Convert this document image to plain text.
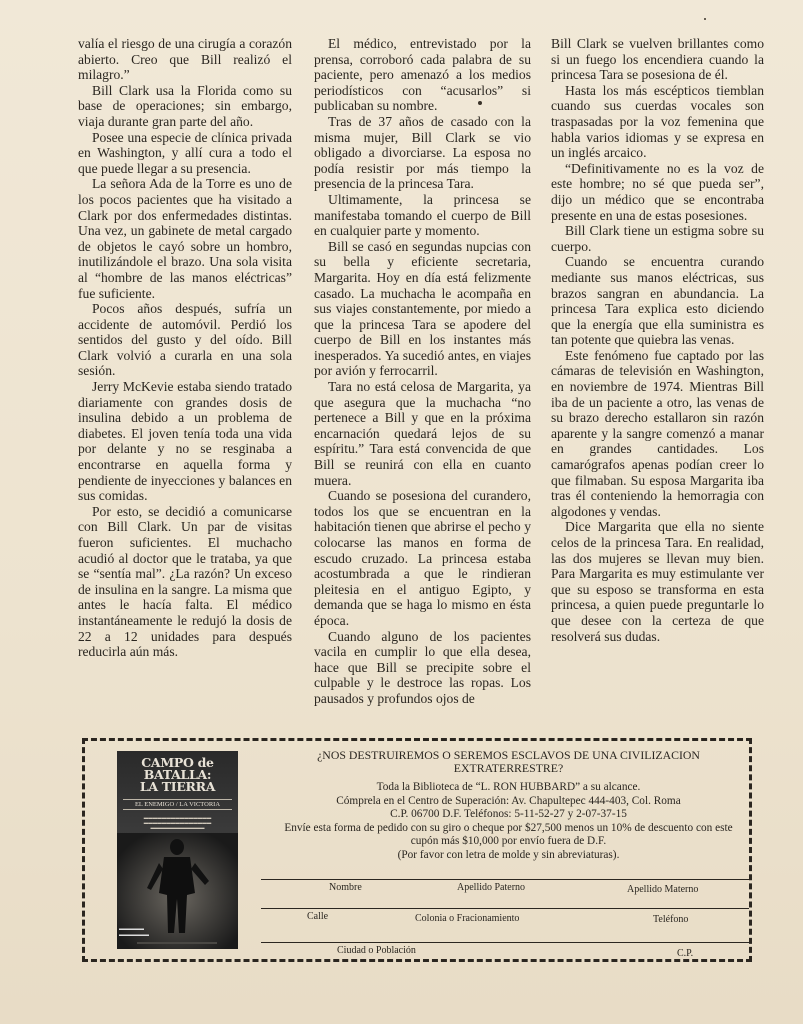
valía el riesgo de una cirugía a corazón abierto. Creo que Bill realizó el milagro.”

Bill Clark usa la Florida como su base de operaciones; sin embargo, viaja durante gran parte del año.

Posee una especie de clínica privada en Washington, y allí cura a todo el que puede llegar a su presencia.

La señora Ada de la Torre es uno de los pocos pacientes que ha visitado a Clark por dos enfermedades distintas. Una vez, un gabinete de metal cargado de objetos le cayó sobre un hombro, inutilizándole el brazo. Una sola visita al “hombre de las manos eléctricas” fue suficiente.

Pocos años después, sufría un accidente de automóvil. Perdió los sentidos del gusto y del oído. Bill Clark volvió a curarla en una sola sesión.

Jerry McKevie estaba siendo tratado diariamente con grandes dosis de insulina debido a un problema de diabetes. El joven tenía toda una vida por delante y no se resginaba a encontrarse en aquella forma y pendiente de inyecciones y balances en sus comidas.

Por esto, se decidió a comunicarse con Bill Clark. Un par de visitas fueron suficientes. El muchacho acudió al doctor que le trataba, ya que se “sentía mal”. ¿La razón? Un exceso de insulina en la sangre. La misma que antes le hacía falta. El médico instantáneamente le redujó la dosis de 22 a 12 unidades para después reducirla aún más.

El médico, entrevistado por la prensa, corroboró cada palabra de su paciente, pero amenazó a los medios periodísticos con “acusarlos” si publicaban su nombre.

Tras de 37 años de casado con la misma mujer, Bill Clark se vio obligado a divorciarse. La esposa no podía resistir por más tiempo la presencia de la princesa Tara.

Ultimamente, la princesa se manifestaba tomando el cuerpo de Bill en cualquier parte y momento.

Bill se casó en segundas nupcias con su bella y eficiente secretaria, Margarita. Hoy en día está felizmente casado. La muchacha le acompaña en sus viajes constantemente, por miedo a que la princesa Tara se apodere del cuerpo de Bill en los instantes más inesperados. Ya sucedió antes, en viajes por avión y ferrocarril.

Tara no está celosa de Margarita, ya que asegura que la muchacha “no pertenece a Bill y que en la próxima encarnación quedará lejos de su espíritu.” Tara está convencida de que Bill se reunirá con ella en cuanto muera.

Cuando se posesiona del curandero, todos los que se encuentran en la habitación tienen que abrirse el pecho y colocarse las manos en forma de escudo cruzado. La princesa estaba acostumbrada a que le rindieran pleitesia en el antiguo Egipto, y demanda que se haga lo mismo en ésta época.

Cuando alguno de los pacientes vacila en cumplir lo que ella desea, hace que Bill se precipite sobre el culpable y le destroce las ropas. Los pausados y profundos ojos de

Bill Clark se vuelven brillantes como si un fuego los encendiera cuando la princesa Tara se posesiona de él.

Hasta los más escépticos tiemblan cuando sus cuerdas vocales son traspasadas por la voz femenina que habla varios idiomas y se expresa en un inglés arcaico.

“Definitivamente no es la voz de este hombre; no sé que pueda ser”, dijo un médico que se encontraba presente en una de estas posesiones.

Bill Clark tiene un estigma sobre su cuerpo.

Cuando se encuentra curando mediante sus manos eléctricas, sus brazos sangran en abundancia. La princesa Tara explica esto diciendo que la energía que ella suministra es tan potente que quiebra las venas.

Este fenómeno fue captado por las cámaras de televisión en Washington, en noviembre de 1974. Mientras Bill iba de un paciente a otro, las venas de su brazo derecho estallaron sin razón aparente y la sangre comenzó a manar en grandes cantidades. Los camarógrafos apenas podían creer lo que filmaban. Su esposa Margarita iba tras él conteniendo la hemorragia con algodones y vendas.

Dice Margarita que ella no siente celos de la princesa Tara. En realidad, las dos mujeres se llevan muy bien. Para Margarita es muy estimulante ver que su esposo se transforma en esta princesa, a quien puede preguntarle lo que desee con la certeza de que resolverá sus dudas.

CAMPO de BATALLA:
LA TIERRA
EL ENEMIGO / LA VICTORIA
▬▬▬▬▬▬▬▬▬▬▬▬▬▬▬
▬▬▬▬▬▬▬▬▬▬▬▬▬▬▬
▬▬▬▬▬▬▬▬▬▬▬▬
▬▬▬▬▬
▬▬▬▬▬▬
¿NOS DESTRUIREMOS O SEREMOS ESCLAVOS DE UNA CIVILIZACION EXTRATERRESTRE?
Toda la Biblioteca de “L. RON HUBBARD” a su alcance.
Cómprela en el Centro de Superación: Av. Chapultepec 444-403, Col. Roma
C.P. 06700 D.F. Teléfonos: 5-11-52-27 y 2-07-37-15
Envíe esta forma de pedido con su giro o cheque por $27,500 menos un 10% de descuento con este cupón más $10,000 por envío fuera de D.F.
(Por favor con letra de molde y sin abreviaturas).
Nombre	Apellido Paterno	Apellido Materno
Calle	Colonia o Fracionamiento	Teléfono
Ciudad o Población	C.P.
